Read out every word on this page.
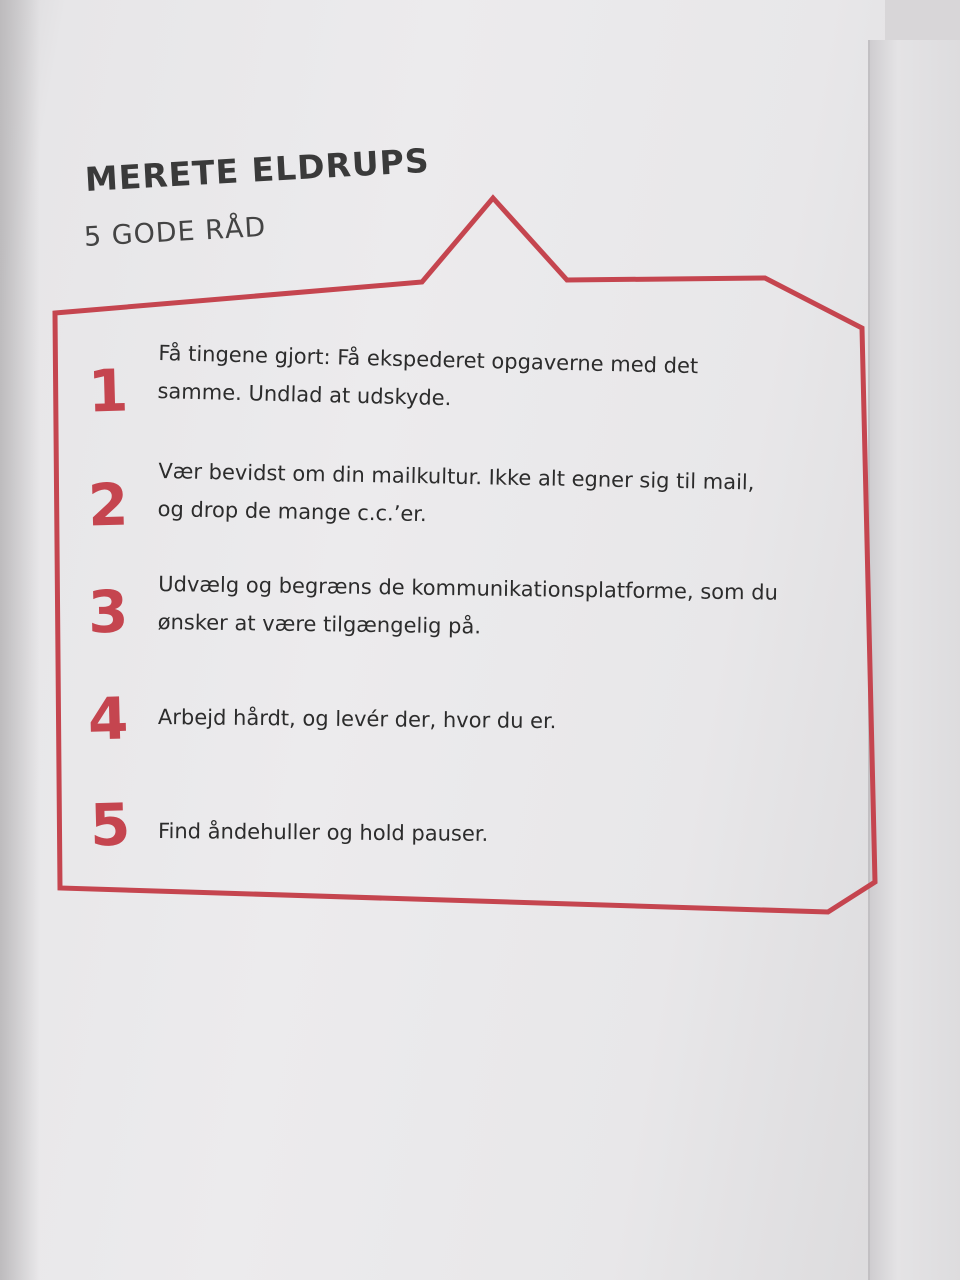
MERETE ELDRUPS
5 GODE RÅD
1 Få tingene gjort: Få ekspederet opgaverne med det
samme. Undlad at udskyde.
2 Vær bevidst om din mailkultur. Ikke alt egner sig til mail,
og drop de mange c.c.’er.
3 Udvælg og begræns de kommunikationsplatforme, som du
ønsker at være tilgængelig på.
4 Arbejd hårdt, og levér der, hvor du er.
5 Find åndehuller og hold pauser.
